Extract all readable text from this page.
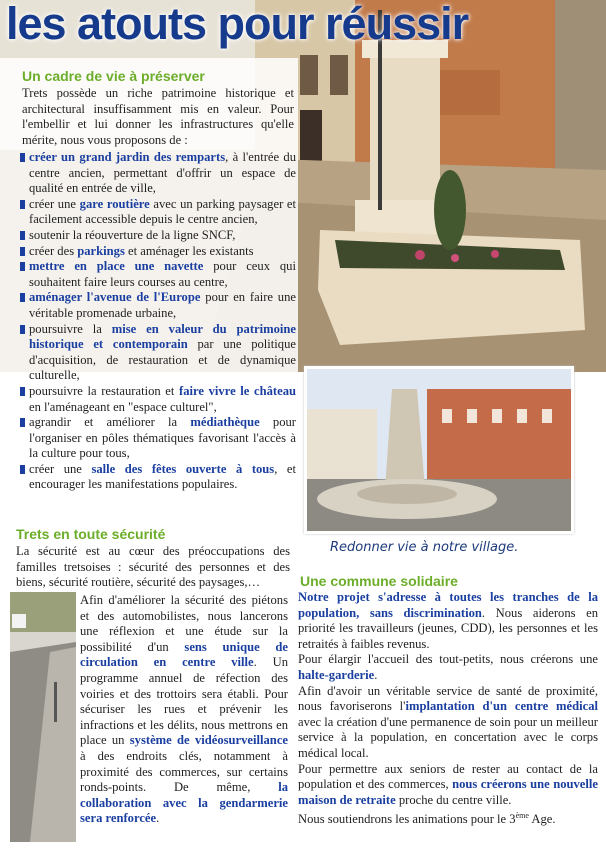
les atouts pour réussir
Un cadre de vie à préserver
Trets possède un riche patrimoine historique et architectural insuffisamment mis en valeur. Pour l'embellir et lui donner les infrastructures qu'elle mérite, nous vous proposons de :
créer un grand jardin des remparts, à l'entrée du centre ancien, permettant d'offrir un espace de qualité en entrée de ville,
créer une gare routière avec un parking paysager et facilement accessible depuis le centre ancien,
soutenir la réouverture de la ligne SNCF,
créer des parkings et aménager les existants
mettre en place une navette pour ceux qui souhaitent faire leurs courses au centre,
aménager l'avenue de l'Europe pour en faire une véritable promenade urbaine,
poursuivre la mise en valeur du patrimoine historique et contemporain par une politique d'acquisition, de restauration et de dynamique culturelle,
poursuivre la restauration et faire vivre le château en l'aménageant en "espace culturel",
agrandir et améliorer la médiathèque pour l'organiser en pôles thématiques favorisant l'accès à la culture pour tous,
créer une salle des fêtes ouverte à tous, et encourager les manifestations populaires.
Trets en toute sécurité
La sécurité est au cœur des préoccupations des familles tretsoises : sécurité des personnes et des biens, sécurité routière, sécurité des paysages,…
Afin d'améliorer la sécurité des piétons et des automobilistes, nous lancerons une réflexion et une étude sur la possibilité d'un sens unique de circulation en centre ville. Un programme annuel de réfection des voiries et des trottoirs sera établi. Pour sécuriser les rues et prévenir les infractions et les délits, nous mettrons en place un système de vidéosurveillance à des endroits clés, notamment à proximité des commerces, sur certains ronds-points. De même, la collaboration avec la gendarmerie sera renforcée.
Redonner vie à notre village.
Une commune solidaire

Notre projet s'adresse à toutes les tranches de la population, sans discrimination. Nous aiderons en priorité les travailleurs (jeunes, CDD), les personnes et les retraités à faibles revenus.

Pour élargir l'accueil des tout-petits, nous créerons une halte-garderie.

Afin d'avoir un véritable service de santé de proximité, nous favoriserons l'implantation d'un centre médical avec la création d'une permanence de soin pour un meilleur service à la population, en concertation avec le corps médical local.

Pour permettre aux seniors de rester au contact de la population et des commerces, nous créerons une nouvelle maison de retraite proche du centre ville.

Nous soutiendrons les animations pour le 3ème Age.
